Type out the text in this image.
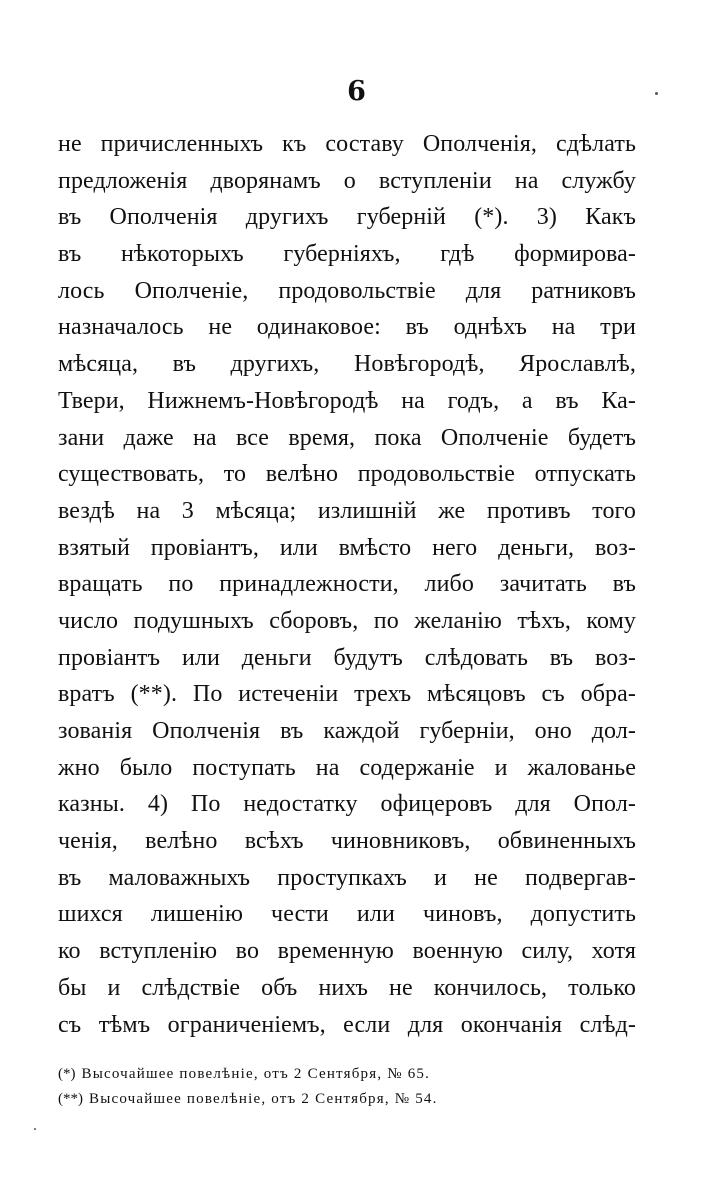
6
не причисленныхъ къ составу Ополченія, сдѣлать
предложенія дворянамъ о вступленіи на службу
въ Ополченія другихъ губерній (*). 3) Какъ
въ нѣкоторыхъ губерніяхъ, гдѣ формирова-
лось Ополченіе, продовольствіе для ратниковъ
назначалось не одинаковое: въ однѣхъ на три
мѣсяца, въ другихъ, Новѣгородѣ, Ярославлѣ,
Твери, Нижнемъ-Новѣгородѣ на годъ, а въ Ка-
зани даже на все время, пока Ополченіе будетъ
существовать, то велѣно продовольствіе отпускать
вездѣ на 3 мѣсяца; излишній же противъ того
взятый провіантъ, или вмѣсто него деньги, воз-
вращать по принадлежности, либо зачитать въ
число подушныхъ сборовъ, по желанію тѣхъ, кому
провіантъ или деньги будутъ слѣдовать въ воз-
вратъ (**). По истеченіи трехъ мѣсяцовъ съ обра-
зованія Ополченія въ каждой губерніи, оно дол-
жно было поступать на содержаніе и жалованье
казны. 4) По недостатку офицеровъ для Опол-
ченія, велѣно всѣхъ чиновниковъ, обвиненныхъ
въ маловажныхъ проступкахъ и не подвергав-
шихся лишенію чести или чиновъ, допустить
ко вступленію во временную военную силу, хотя
бы и слѣдствіе объ нихъ не кончилось, только
съ тѣмъ ограниченіемъ, если для окончанія слѣд-
(*) Высочайшее повелѣніе, отъ 2 Сентября, № 65.
(**) Высочайшее повелѣніе, отъ 2 Сентября, № 54.
